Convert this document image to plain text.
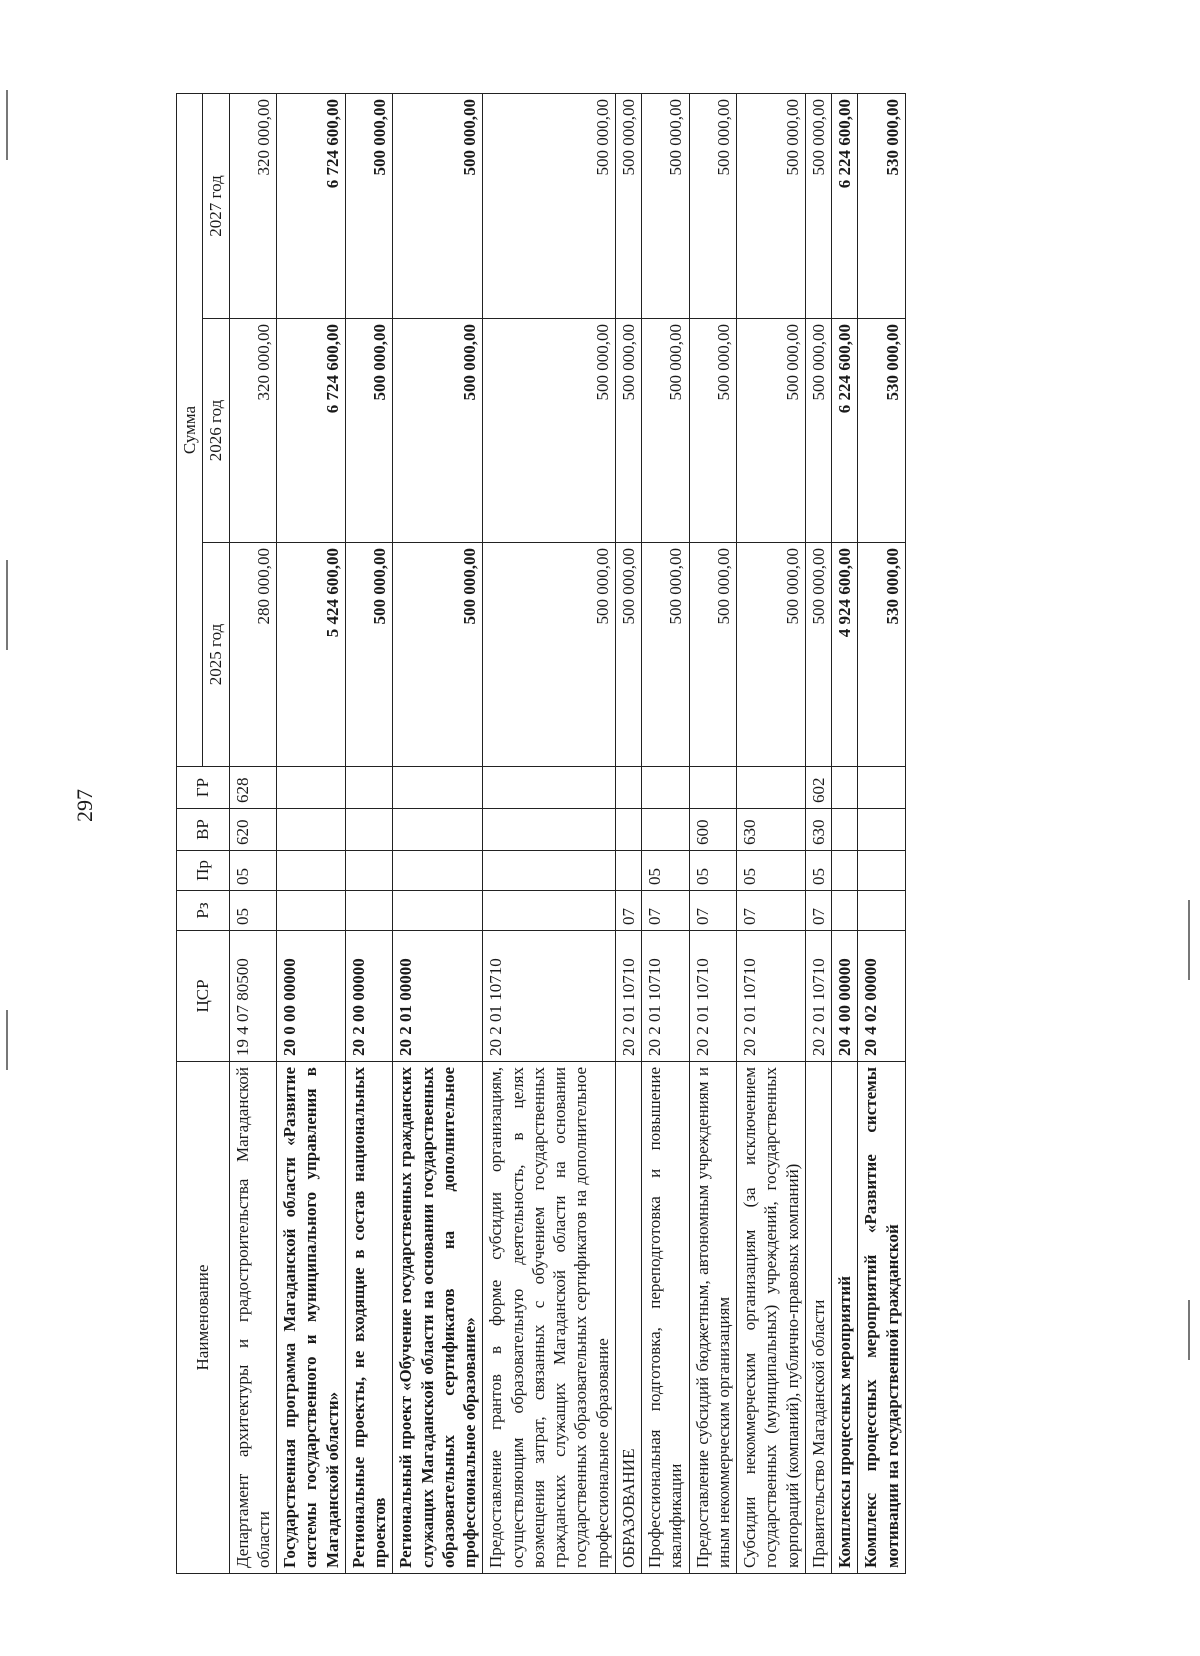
297
Наименование	ЦСР	Рз	Пр	ВР	ГР	Сумма		
						2025 год	2026 год	2027 год
Департамент архитектуры и градостроительства Магаданской области	19 4 07 80500	05	05	620	628	280 000,00	320 000,00	320 000,00
Государственная программа Магаданской области «Развитие системы государственного и муниципального управления в Магаданской области»	20 0 00 00000					5 424 600,00	6 724 600,00	6 724 600,00
Региональные проекты, не входящие в состав национальных проектов	20 2 00 00000					500 000,00	500 000,00	500 000,00
Региональный проект «Обучение государственных гражданских служащих Магаданской области на основании государственных образовательных сертификатов на дополнительное профессиональное образование»	20 2 01 00000					500 000,00	500 000,00	500 000,00
Предоставление грантов в форме субсидии организациям, осуществляющим образовательную деятельность, в целях возмещения затрат, связанных с обучением государственных гражданских служащих Магаданской области на основании государственных образовательных сертификатов на дополнительное профессиональное образование	20 2 01 10710					500 000,00	500 000,00	500 000,00
ОБРАЗОВАНИЕ	20 2 01 10710	07				500 000,00	500 000,00	500 000,00
Профессиональная подготовка, переподготовка и повышение квалификации	20 2 01 10710	07	05			500 000,00	500 000,00	500 000,00
Предоставление субсидий бюджетным, автономным учреждениям и иным некоммерческим организациям	20 2 01 10710	07	05	600		500 000,00	500 000,00	500 000,00
Субсидии некоммерческим организациям (за исключением государственных (муниципальных) учреждений, государственных корпораций (компаний), публично-правовых компаний)	20 2 01 10710	07	05	630		500 000,00	500 000,00	500 000,00
Правительство Магаданской области	20 2 01 10710	07	05	630	602	500 000,00	500 000,00	500 000,00
Комплексы процессных мероприятий	20 4 00 00000					4 924 600,00	6 224 600,00	6 224 600,00
Комплекс процессных мероприятий «Развитие системы мотивации на государственной гражданской	20 4 02 00000					530 000,00	530 000,00	530 000,00
